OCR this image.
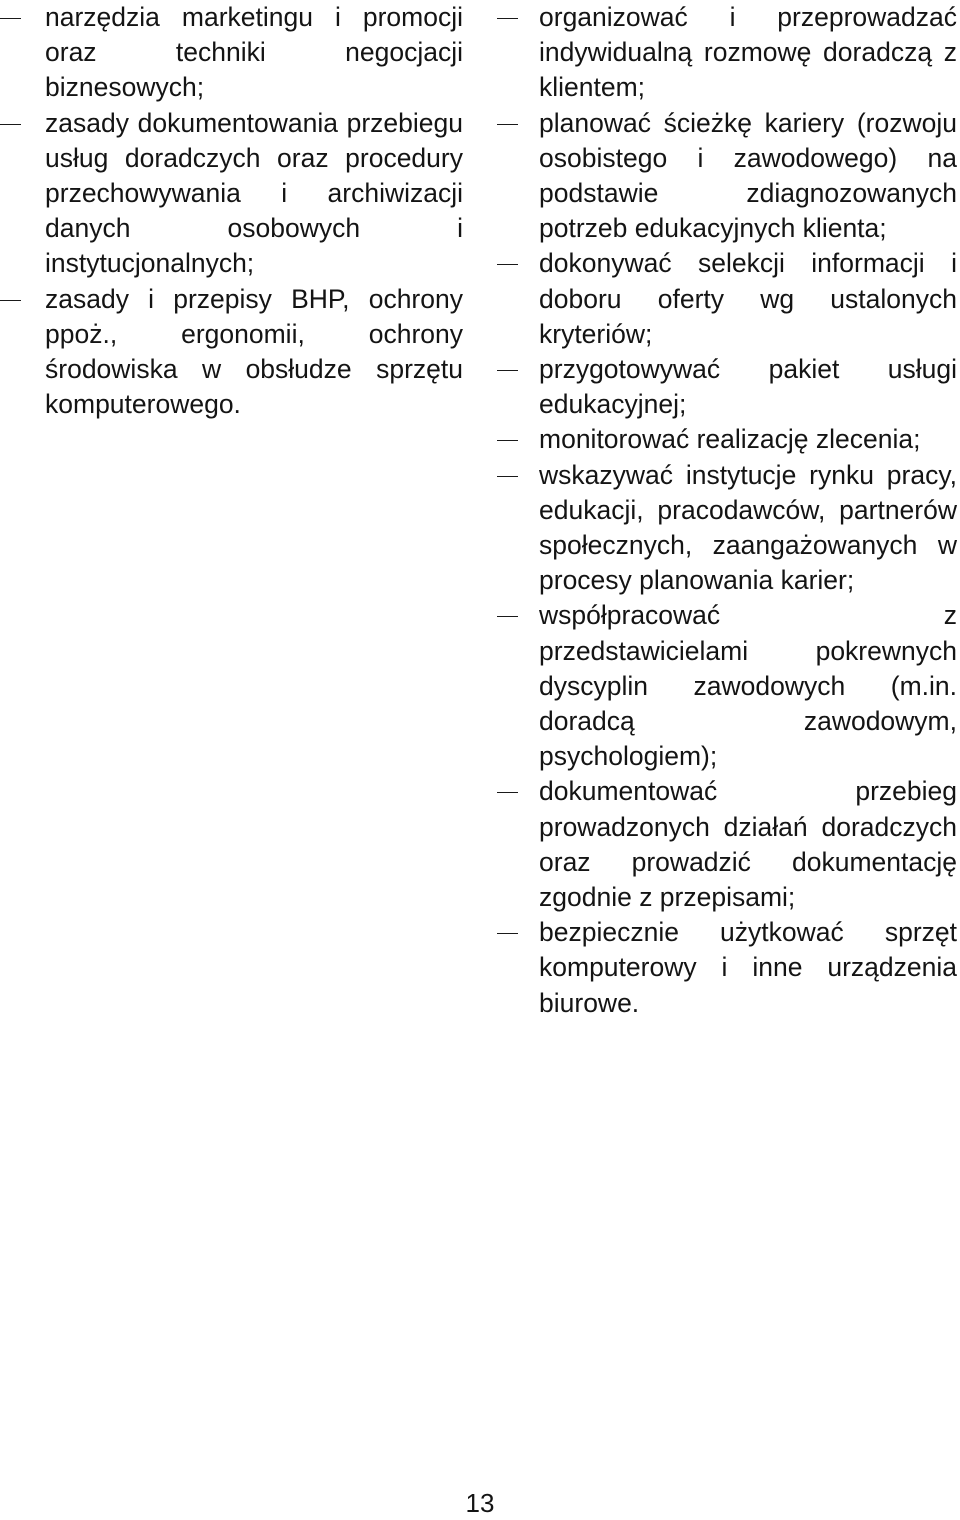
narzędzia marketingu i promocji oraz techniki negocjacji biznesowych;
zasady dokumentowania przebiegu usług doradczych oraz procedury przechowywania i archiwizacji danych osobowych i instytucjonalnych;
zasady i przepisy BHP, ochrony ppoż., ergonomii, ochrony środowiska w obsłudze sprzętu komputerowego.
organizować i przeprowadzać indywidualną rozmowę doradczą z klientem;
planować ścieżkę kariery (rozwoju osobistego i zawodowego) na podstawie zdiagnozowanych potrzeb edukacyjnych klienta;
dokonywać selekcji informacji i doboru oferty wg ustalonych kryteriów;
przygotowywać pakiet usługi edukacyjnej;
monitorować realizację zlecenia;
wskazywać instytucje rynku pracy, edukacji, pracodawców, partnerów społecznych, zaangażowanych w procesy planowania karier;
współpracować z przedstawicielami pokrewnych dyscyplin zawodowych (m.in. doradcą zawodowym, psychologiem);
dokumentować przebieg prowadzonych działań doradczych oraz prowadzić dokumentację zgodnie z przepisami;
bezpiecznie użytkować sprzęt komputerowy i inne urządzenia biurowe.
13
